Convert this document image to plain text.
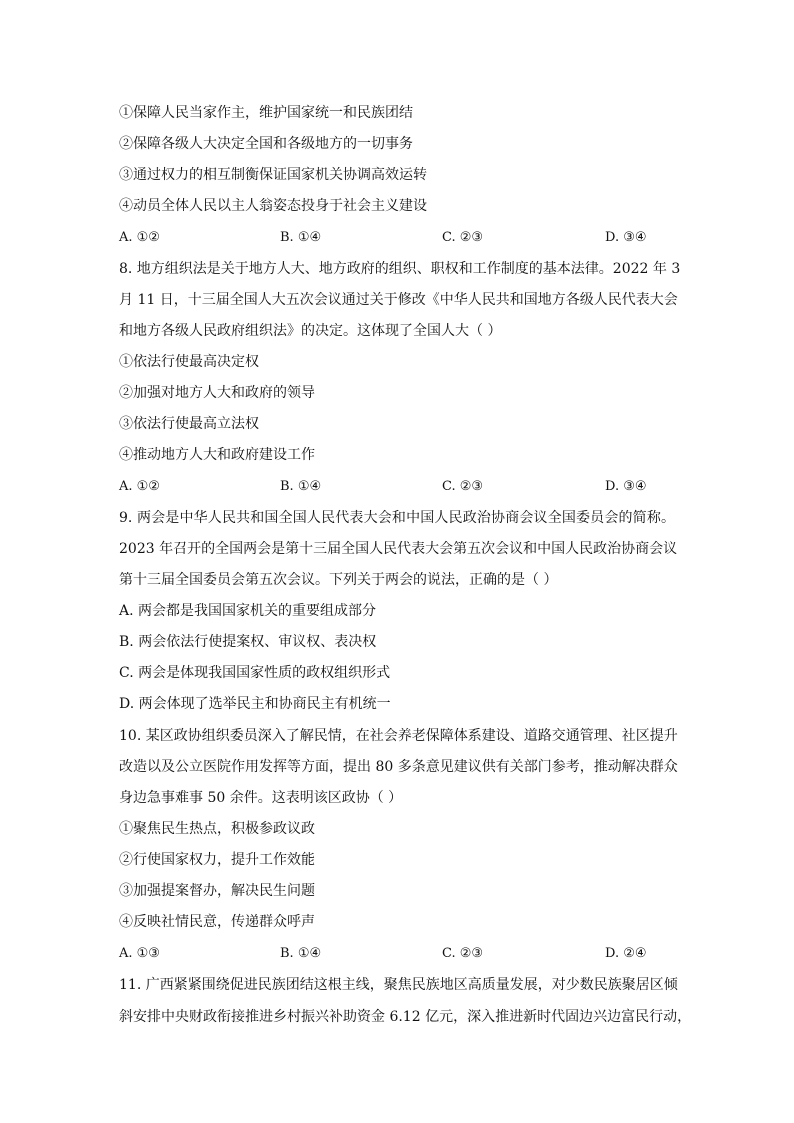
①保障人民当家作主，维护国家统一和民族团结
②保障各级人大决定全国和各级地方的一切事务
③通过权力的相互制衡保证国家机关协调高效运转
④动员全体人民以主人翁姿态投身于社会主义建设
A. ①②	B. ①④	C. ②③	D. ③④
8. 地方组织法是关于地方人大、地方政府的组织、职权和工作制度的基本法律。2022 年 3
月 11 日，十三届全国人大五次会议通过关于修改《中华人民共和国地方各级人民代表大会
和地方各级人民政府组织法》的决定。这体现了全国人大（ ）
①依法行使最高决定权
②加强对地方人大和政府的领导
③依法行使最高立法权
④推动地方人大和政府建设工作
A. ①②	B. ①④	C. ②③	D. ③④
9. 两会是中华人民共和国全国人民代表大会和中国人民政治协商会议全国委员会的简称。
2023 年召开的全国两会是第十三届全国人民代表大会第五次会议和中国人民政治协商会议
第十三届全国委员会第五次会议。下列关于两会的说法，正确的是（ ）
A. 两会都是我国国家机关的重要组成部分
B. 两会依法行使提案权、审议权、表决权
C. 两会是体现我国国家性质的政权组织形式
D. 两会体现了选举民主和协商民主有机统一
10. 某区政协组织委员深入了解民情，在社会养老保障体系建设、道路交通管理、社区提升
改造以及公立医院作用发挥等方面，提出 80 多条意见建议供有关部门参考，推动解决群众
身边急事难事 50 余件。这表明该区政协（ ）
①聚焦民生热点，积极参政议政
②行使国家权力，提升工作效能
③加强提案督办，解决民生问题
④反映社情民意，传递群众呼声
A. ①③	B. ①④	C. ②③	D. ②④
11. 广西紧紧围绕促进民族团结这根主线，聚焦民族地区高质量发展，对少数民族聚居区倾
斜安排中央财政衔接推进乡村振兴补助资金 6.12 亿元，深入推进新时代固边兴边富民行动，
